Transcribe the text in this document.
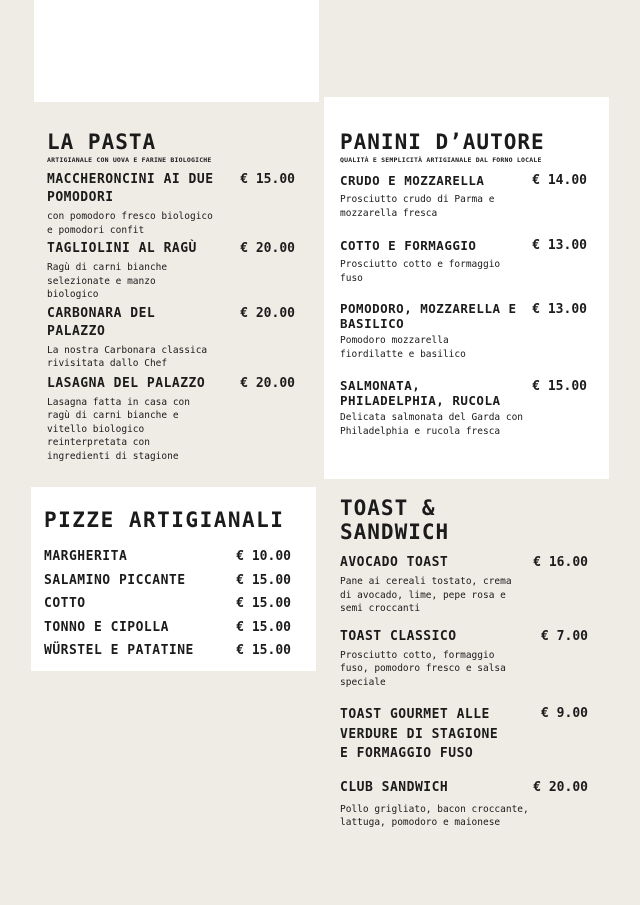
LA PASTA
ARTIGIANALE CON UOVA E FARINE BIOLOGICHE
MACCHERONCINI AI DUE POMODORI
con pomodoro fresco biologico e pomodori confit
€ 15.00
TAGLIOLINI AL RAGÙ
Ragù di carni bianche selezionate e manzo biologico
€ 20.00
CARBONARA DEL PALAZZO
La nostra Carbonara classica rivisitata dallo Chef
€ 20.00
LASAGNA DEL PALAZZO
Lasagna fatta in casa con ragù di carni bianche e vitello biologico reinterpretata con ingredienti di stagione
€ 20.00
PANINI D’AUTORE
QUALITÀ E SEMPLICITÀ ARTIGIANALE DAL FORNO LOCALE
CRUDO E MOZZARELLA
Prosciutto crudo di Parma e mozzarella fresca
€ 14.00
COTTO E FORMAGGIO
Prosciutto cotto e formaggio fuso
€ 13.00
POMODORO, MOZZARELLA E BASILICO
Pomodoro mozzarella fiordilatte e basilico
€ 13.00
SALMONATA, PHILADELPHIA, RUCOLA
Delicata salmonata del Garda con Philadelphia e rucola fresca
€ 15.00
PIZZE ARTIGIANALI
MARGHERITA	€ 10.00
SALAMINO PICCANTE	€ 15.00
COTTO	€ 15.00
TONNO E CIPOLLA	€ 15.00
WÜRSTEL E PATATINE	€ 15.00
TOAST & SANDWICH
AVOCADO TOAST
Pane ai cereali tostato, crema di avocado, lime, pepe rosa e semi croccanti
€ 16.00
TOAST CLASSICO
Prosciutto cotto, formaggio fuso, pomodoro fresco e salsa speciale
€ 7.00
TOAST GOURMET ALLE VERDURE DI STAGIONE E FORMAGGIO FUSO
€ 9.00
CLUB SANDWICH
Pollo grigliato, bacon croccante, lattuga, pomodoro e maionese
€ 20.00
